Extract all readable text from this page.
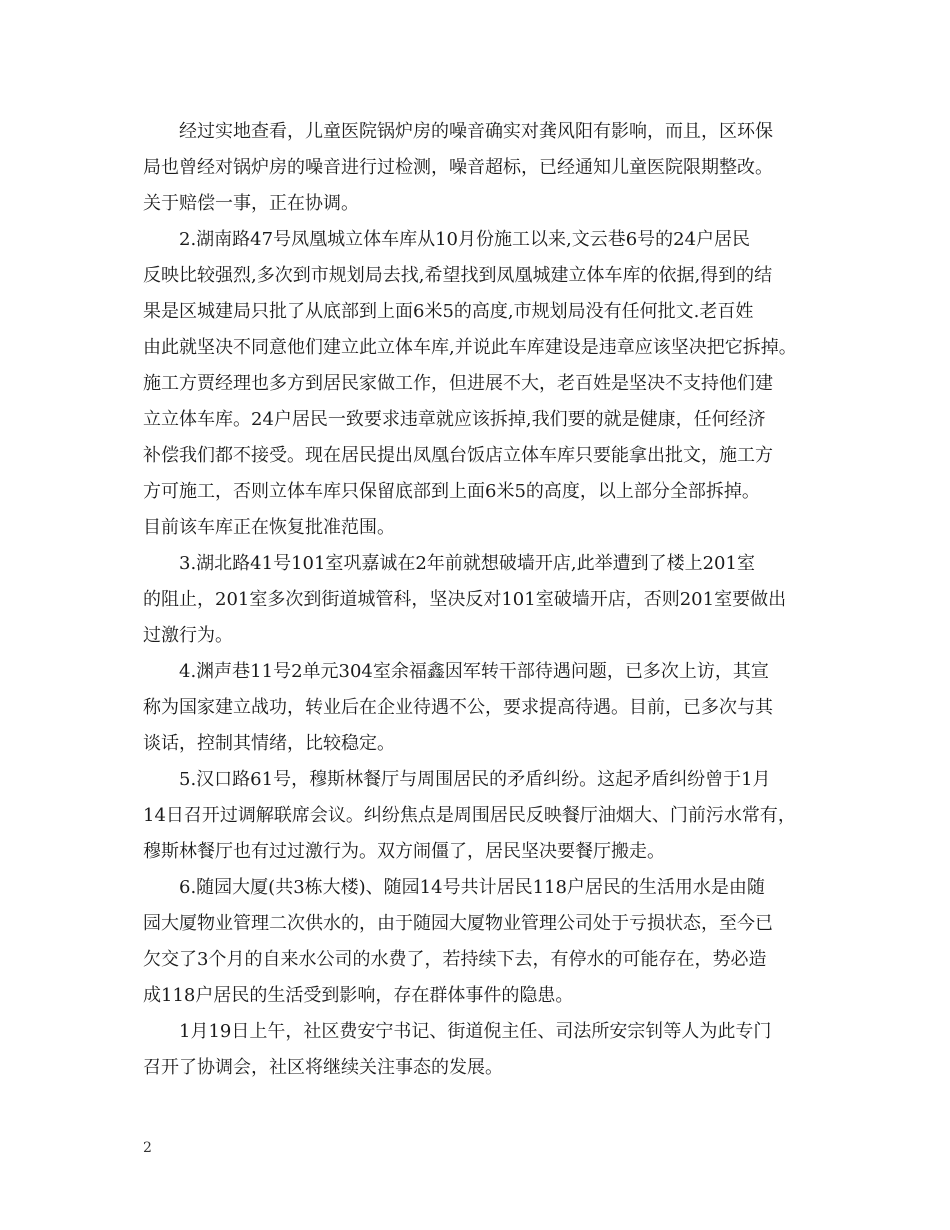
经过实地查看，儿童医院锅炉房的噪音确实对龚风阳有影响，而且，区环保
局也曾经对锅炉房的噪音进行过检测，噪音超标，已经通知儿童医院限期整改。
关于赔偿一事，正在协调。
2.湖南路47号凤凰城立体车库从10月份施工以来,文云巷6号的24户居民
反映比较强烈,多次到市规划局去找,希望找到凤凰城建立体车库的依据,得到的结
果是区城建局只批了从底部到上面6米5的高度,市规划局没有任何批文.老百姓
由此就坚决不同意他们建立此立体车库,并说此车库建设是违章应该坚决把它拆掉。
施工方贾经理也多方到居民家做工作，但进展不大，老百姓是坚决不支持他们建
立立体车库。24户居民一致要求违章就应该拆掉,我们要的就是健康，任何经济
补偿我们都不接受。现在居民提出凤凰台饭店立体车库只要能拿出批文，施工方
方可施工，否则立体车库只保留底部到上面6米5的高度，以上部分全部拆掉。
目前该车库正在恢复批准范围。
3.湖北路41号101室巩嘉诚在2年前就想破墙开店,此举遭到了楼上201室
的阻止，201室多次到街道城管科，坚决反对101室破墙开店，否则201室要做出
过激行为。
4.渊声巷11号2单元304室余福鑫因军转干部待遇问题，已多次上访，其宣
称为国家建立战功，转业后在企业待遇不公，要求提高待遇。目前，已多次与其
谈话，控制其情绪，比较稳定。
5.汉口路61号，穆斯林餐厅与周围居民的矛盾纠纷。这起矛盾纠纷曾于1月
14日召开过调解联席会议。纠纷焦点是周围居民反映餐厅油烟大、门前污水常有，
穆斯林餐厅也有过过激行为。双方闹僵了，居民坚决要餐厅搬走。
6.随园大厦(共3栋大楼)、随园14号共计居民118户居民的生活用水是由随
园大厦物业管理二次供水的，由于随园大厦物业管理公司处于亏损状态，至今已
欠交了3个月的自来水公司的水费了，若持续下去，有停水的可能存在，势必造
成118户居民的生活受到影响，存在群体事件的隐患。
1月19日上午，社区费安宁书记、街道倪主任、司法所安宗钊等人为此专门
召开了协调会，社区将继续关注事态的发展。
2
